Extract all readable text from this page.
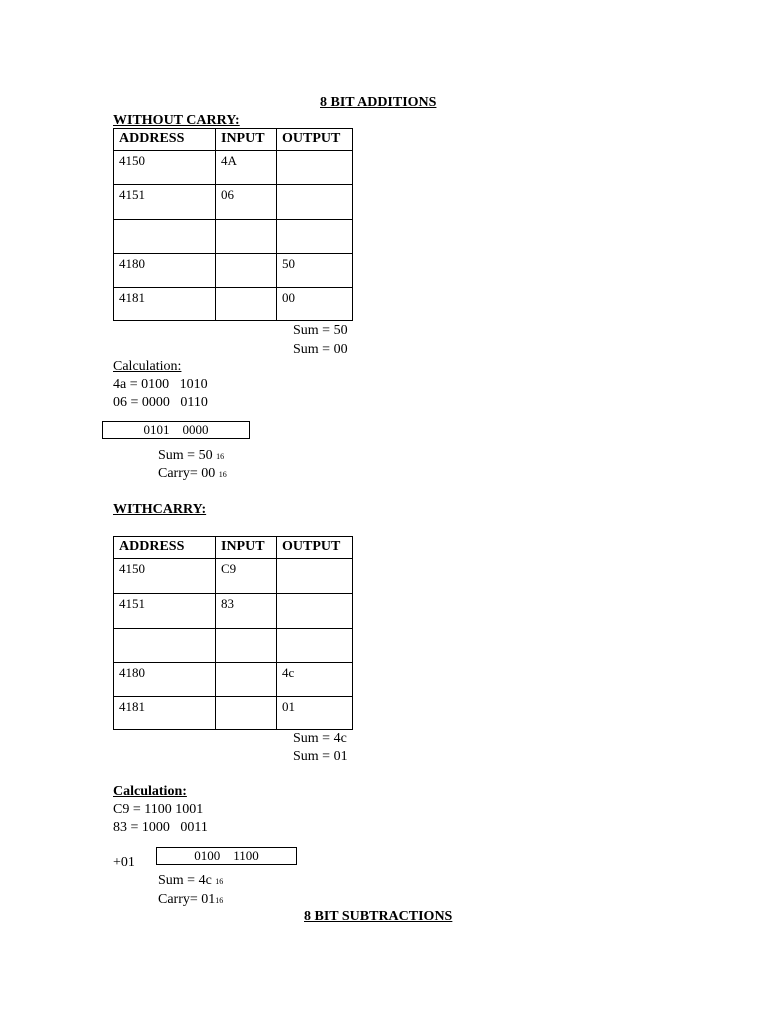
8 BIT ADDITIONS
WITHOUT CARRY:
ADDRESS	INPUT	OUTPUT
4150	4A	
4151	06	

4180		50
4181		00
Sum = 50
Sum = 00
Calculation:
4a = 0100   1010
06 = 0000   0110
0101    0000
Sum = 50 16
Carry= 00 16
WITHCARRY:
ADDRESS	INPUT	OUTPUT
4150	C9	
4151	83	

4180		4c
4181		01
Sum = 4c
Sum = 01
Calculation:
C9 = 1100 1001
83 = 1000   0011
+01	0100    1100
Sum = 4c 16
Carry= 0116
8 BIT SUBTRACTIONS
